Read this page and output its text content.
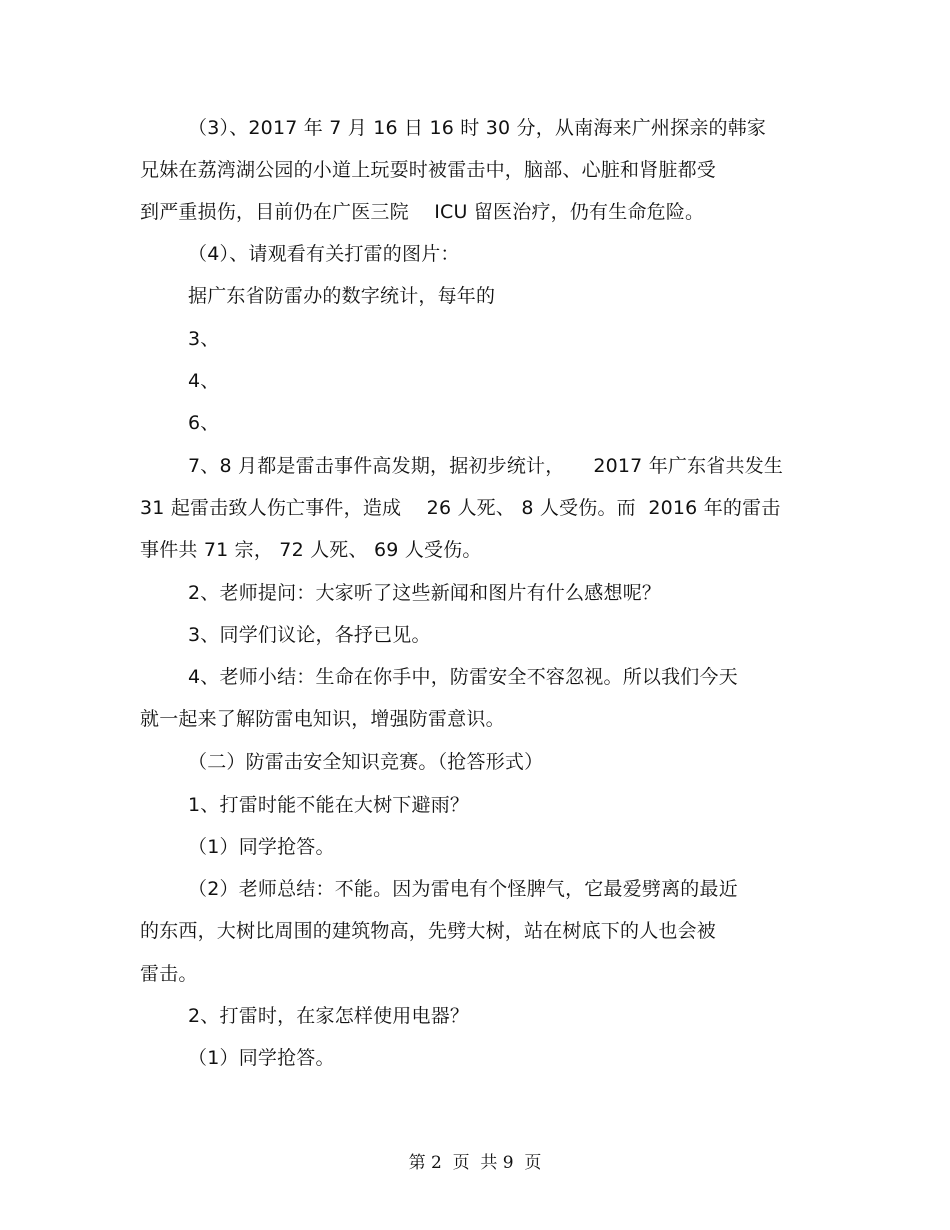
（3）、2017 年 7 月 16 日 16 时 30 分，从南海来广州探亲的韩家
兄妹在荔湾湖公园的小道上玩耍时被雷击中，脑部、心脏和肾脏都受
到严重损伤，目前仍在广医三院　 ICU 留医治疗，仍有生命危险。
（4）、请观看有关打雷的图片：
据广东省防雷办的数字统计，每年的
3、
4、
6、
7、8 月都是雷击事件高发期，据初步统计，　　2017 年广东省共发生
31 起雷击致人伤亡事件，造成　 26 人死、 8 人受伤。而  2016 年的雷击
事件共 71 宗， 72 人死、 69 人受伤。
2、老师提问：大家听了这些新闻和图片有什么感想呢？
3、同学们议论，各抒已见。
4、老师小结：生命在你手中，防雷安全不容忽视。所以我们今天
就一起来了解防雷电知识，增强防雷意识。
（二）防雷击安全知识竞赛。（抢答形式）
1、打雷时能不能在大树下避雨？
（1）同学抢答。
（2）老师总结：不能。因为雷电有个怪脾气，它最爱劈离的最近
的东西，大树比周围的建筑物高，先劈大树，站在树底下的人也会被
雷击。
2、打雷时，在家怎样使用电器？
（1）同学抢答。
第 2  页  共 9  页
